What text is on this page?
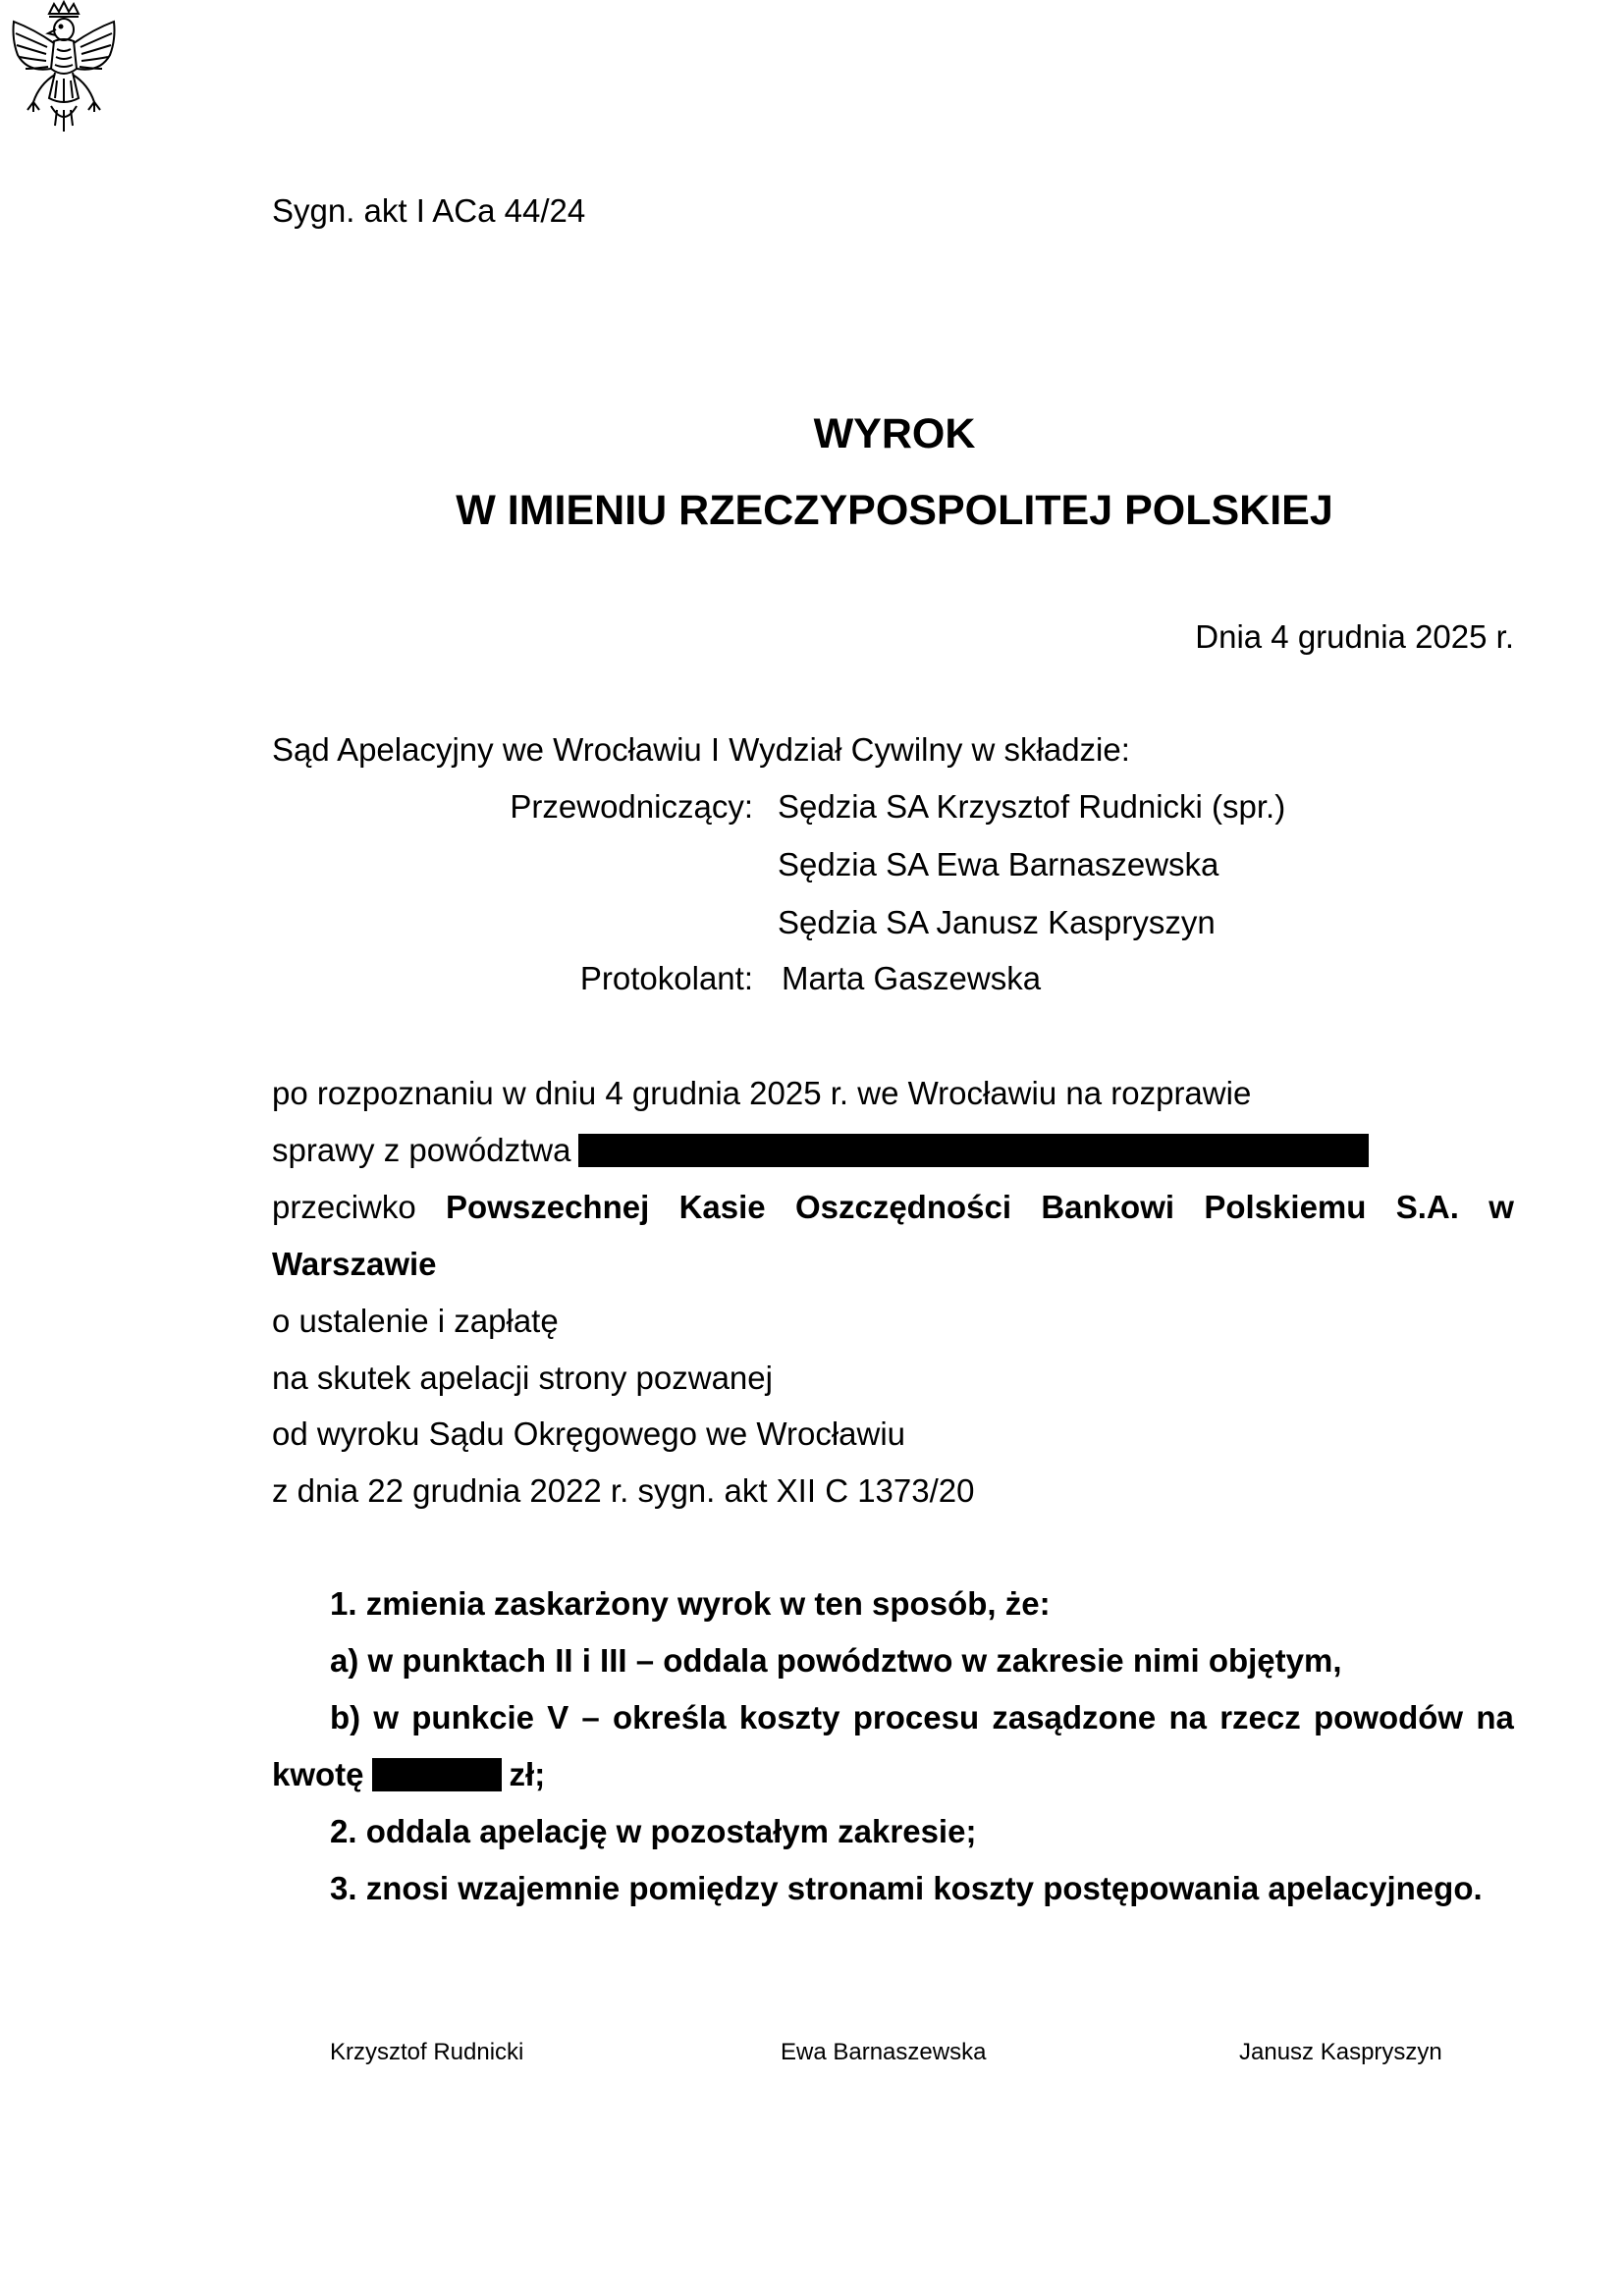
Sygn. akt I ACa 44/24
WYROK
W IMIENIU RZECZYPOSPOLITEJ POLSKIEJ
Dnia 4 grudnia 2025 r.
Sąd Apelacyjny we Wrocławiu I Wydział Cywilny w składzie:
Przewodniczący: Sędzia SA Krzysztof Rudnicki (spr.)
Sędzia SA Ewa Barnaszewska
Sędzia SA Janusz Kaspryszyn
Protokolant: Marta Gaszewska
po rozpoznaniu w dniu 4 grudnia 2025 r. we Wrocławiu na rozprawie
sprawy z powództwa
przeciwko Powszechnej Kasie Oszczędności Bankowi Polskiemu S.A. w
Warszawie
o ustalenie i zapłatę
na skutek apelacji strony pozwanej
od wyroku Sądu Okręgowego we Wrocławiu
z dnia 22 grudnia 2022 r. sygn. akt XII C 1373/20
1. zmienia zaskarżony wyrok w ten sposób, że:
a) w punktach II i III – oddala powództwo w zakresie nimi objętym,
b) w punkcie V – określa koszty procesu zasądzone na rzecz powodów na
kwotę	zł;
2. oddala apelację w pozostałym zakresie;
3. znosi wzajemnie pomiędzy stronami koszty postępowania apelacyjnego.
Krzysztof Rudnicki	Ewa Barnaszewska	Janusz Kaspryszyn
